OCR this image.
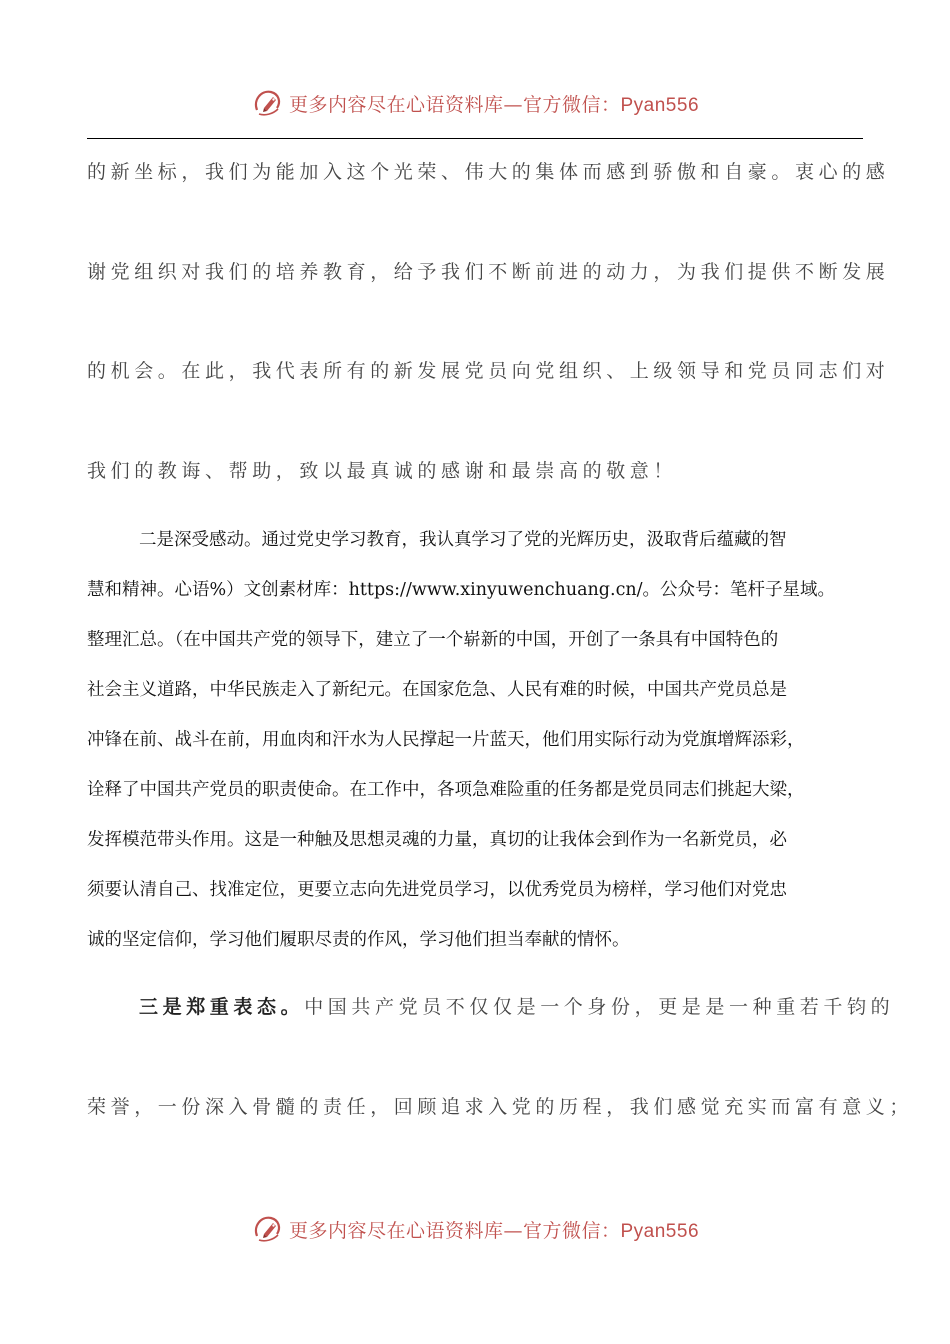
更多内容尽在心语资料库—官方微信：Pyan556
的新坐标，我们为能加入这个光荣、伟大的集体而感到骄傲和自豪。衷心的感
谢党组织对我们的培养教育，给予我们不断前进的动力，为我们提供不断发展
的机会。在此，我代表所有的新发展党员向党组织、上级领导和党员同志们对
我们的教诲、帮助，致以最真诚的感谢和最崇高的敬意！
二是深受感动。通过党史学习教育，我认真学习了党的光辉历史，汲取背后蕴藏的智
慧和精神。心语%）文创素材库：https://www.xinyuwenchuang.cn/。公众号：笔杆子星域。
整理汇总。（在中国共产党的领导下，建立了一个崭新的中国，开创了一条具有中国特色的
社会主义道路，中华民族走入了新纪元。在国家危急、人民有难的时候，中国共产党员总是
冲锋在前、战斗在前，用血肉和汗水为人民撑起一片蓝天，他们用实际行动为党旗增辉添彩，
诠释了中国共产党员的职责使命。在工作中，各项急难险重的任务都是党员同志们挑起大梁，
发挥模范带头作用。这是一种触及思想灵魂的力量，真切的让我体会到作为一名新党员，必
须要认清自己、找准定位，更要立志向先进党员学习，以优秀党员为榜样，学习他们对党忠
诚的坚定信仰，学习他们履职尽责的作风，学习他们担当奉献的情怀。
三是郑重表态。中国共产党员不仅仅是一个身份，更是是一种重若千钧的
荣誉，一份深入骨髓的责任，回顾追求入党的历程，我们感觉充实而富有意义；
更多内容尽在心语资料库—官方微信：Pyan556
